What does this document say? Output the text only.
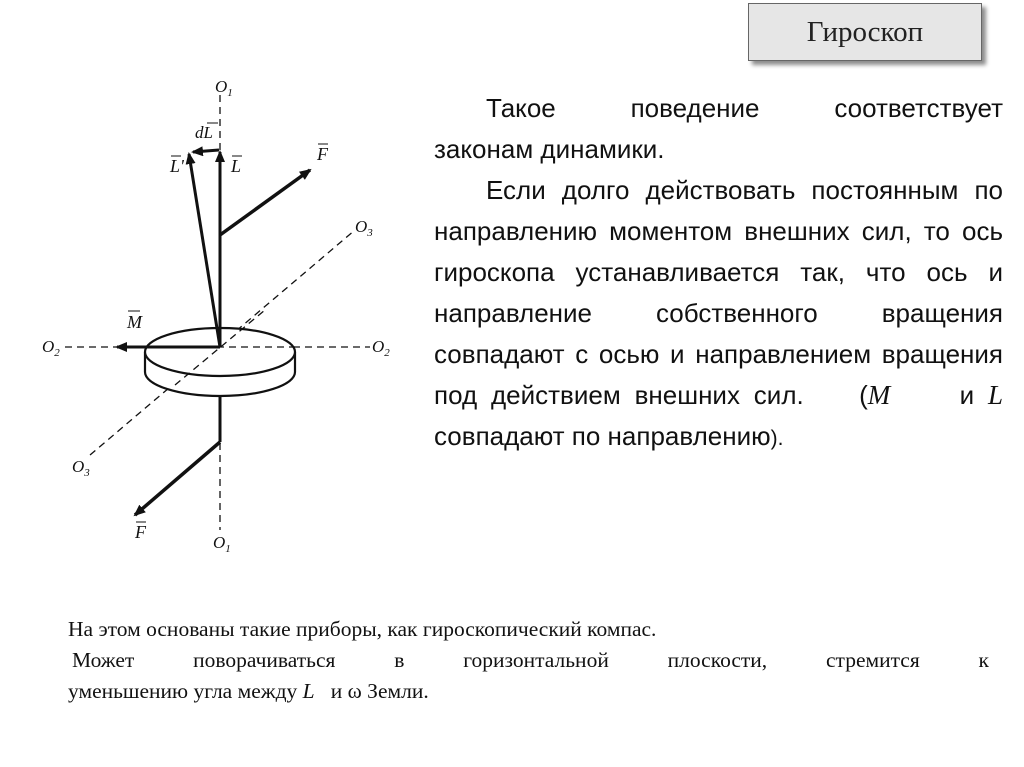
Гироскоп
$O_1$
$O_1$
$O_2$	$O_2$
$O_3$
$O_3$
dL
L'	L
F
F
M

Такое поведение соответствует

законам динамики.

Если долго действовать постоянным по направлению моментом внешних сил, то ось гироскопа устанавливается так, что ось и направление собственного вращения совпадают с осью и направлением вращения под действием внешних сил. (M	и L совпадают по направлению).

На этом основаны такие приборы, как гироскопический компас.

Может поворачиваться в горизонтальной плоскости, стремится к

уменьшению угла между L и ω Земли.
